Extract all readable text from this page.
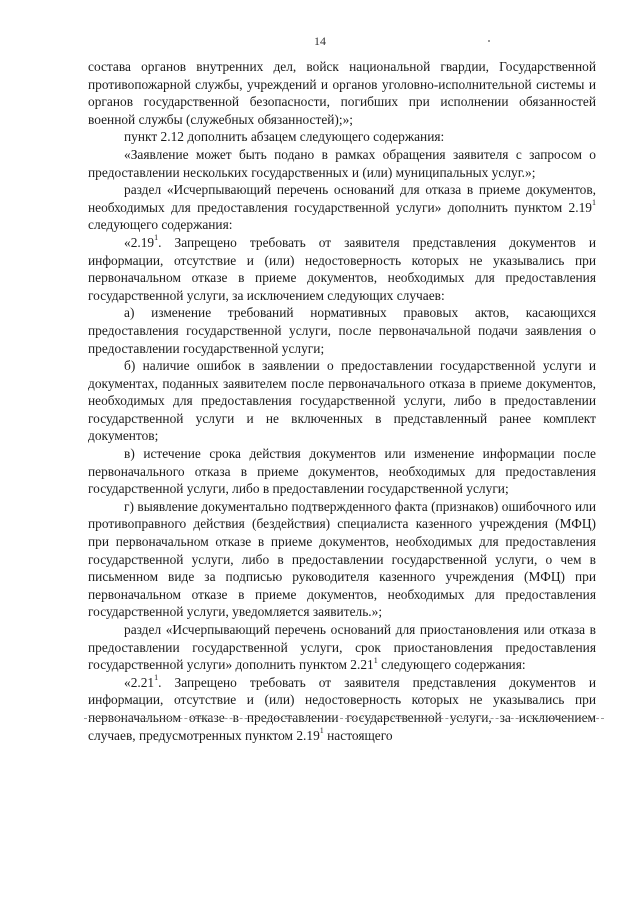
14

состава органов внутренних дел, войск национальной гвардии, Государственной противопожарной службы, учреждений и органов уголовно-исполнительной системы и органов государственной безопасности, погибших при исполнении обязанностей военной службы (служебных обязанностей);»;

пункт 2.12 дополнить абзацем следующего содержания:

«Заявление может быть подано в рамках обращения заявителя с запросом о предоставлении нескольких государственных и (или) муниципальных услуг.»;

раздел «Исчерпывающий перечень оснований для отказа в приеме документов, необходимых для предоставления государственной услуги» дополнить пунктом 2.19$^1$ следующего содержания:

«2.19$^1$. Запрещено требовать от заявителя представления документов и информации, отсутствие и (или) недостоверность которых не указывались при первоначальном отказе в приеме документов, необходимых для предоставления государственной услуги, за исключением следующих случаев:

а) изменение требований нормативных правовых актов, касающихся предоставления государственной услуги, после первоначальной подачи заявления о предоставлении государственной услуги;

б) наличие ошибок в заявлении о предоставлении государственной услуги и документах, поданных заявителем после первоначального отказа в приеме документов, необходимых для предоставления государственной услуги, либо в предоставлении государственной услуги и не включенных в представленный ранее комплект документов;

в) истечение срока действия документов или изменение информации после первоначального отказа в приеме документов, необходимых для предоставления государственной услуги, либо в предоставлении государственной услуги;

г) выявление документально подтвержденного факта (признаков) ошибочного или противоправного действия (бездействия) специалиста казенного учреждения (МФЦ) при первоначальном отказе в приеме документов, необходимых для предоставления государственной услуги, либо в предоставлении государственной услуги, о чем в письменном виде за подписью руководителя казенного учреждения (МФЦ) при первоначальном отказе в приеме документов, необходимых для предоставления государственной услуги, уведомляется заявитель.»;

раздел «Исчерпывающий перечень оснований для приостановления или отказа в предоставлении государственной услуги, срок приостановления предоставления государственной услуги» дополнить пунктом 2.21$^1$ следующего содержания:

«2.21$^1$. Запрещено требовать от заявителя представления документов и информации, отсутствие и (или) недостоверность которых не указывались при первоначальном отказе в предоставлении государственной услуги, за исключением случаев, предусмотренных пунктом 2.19$^1$ настоящего
